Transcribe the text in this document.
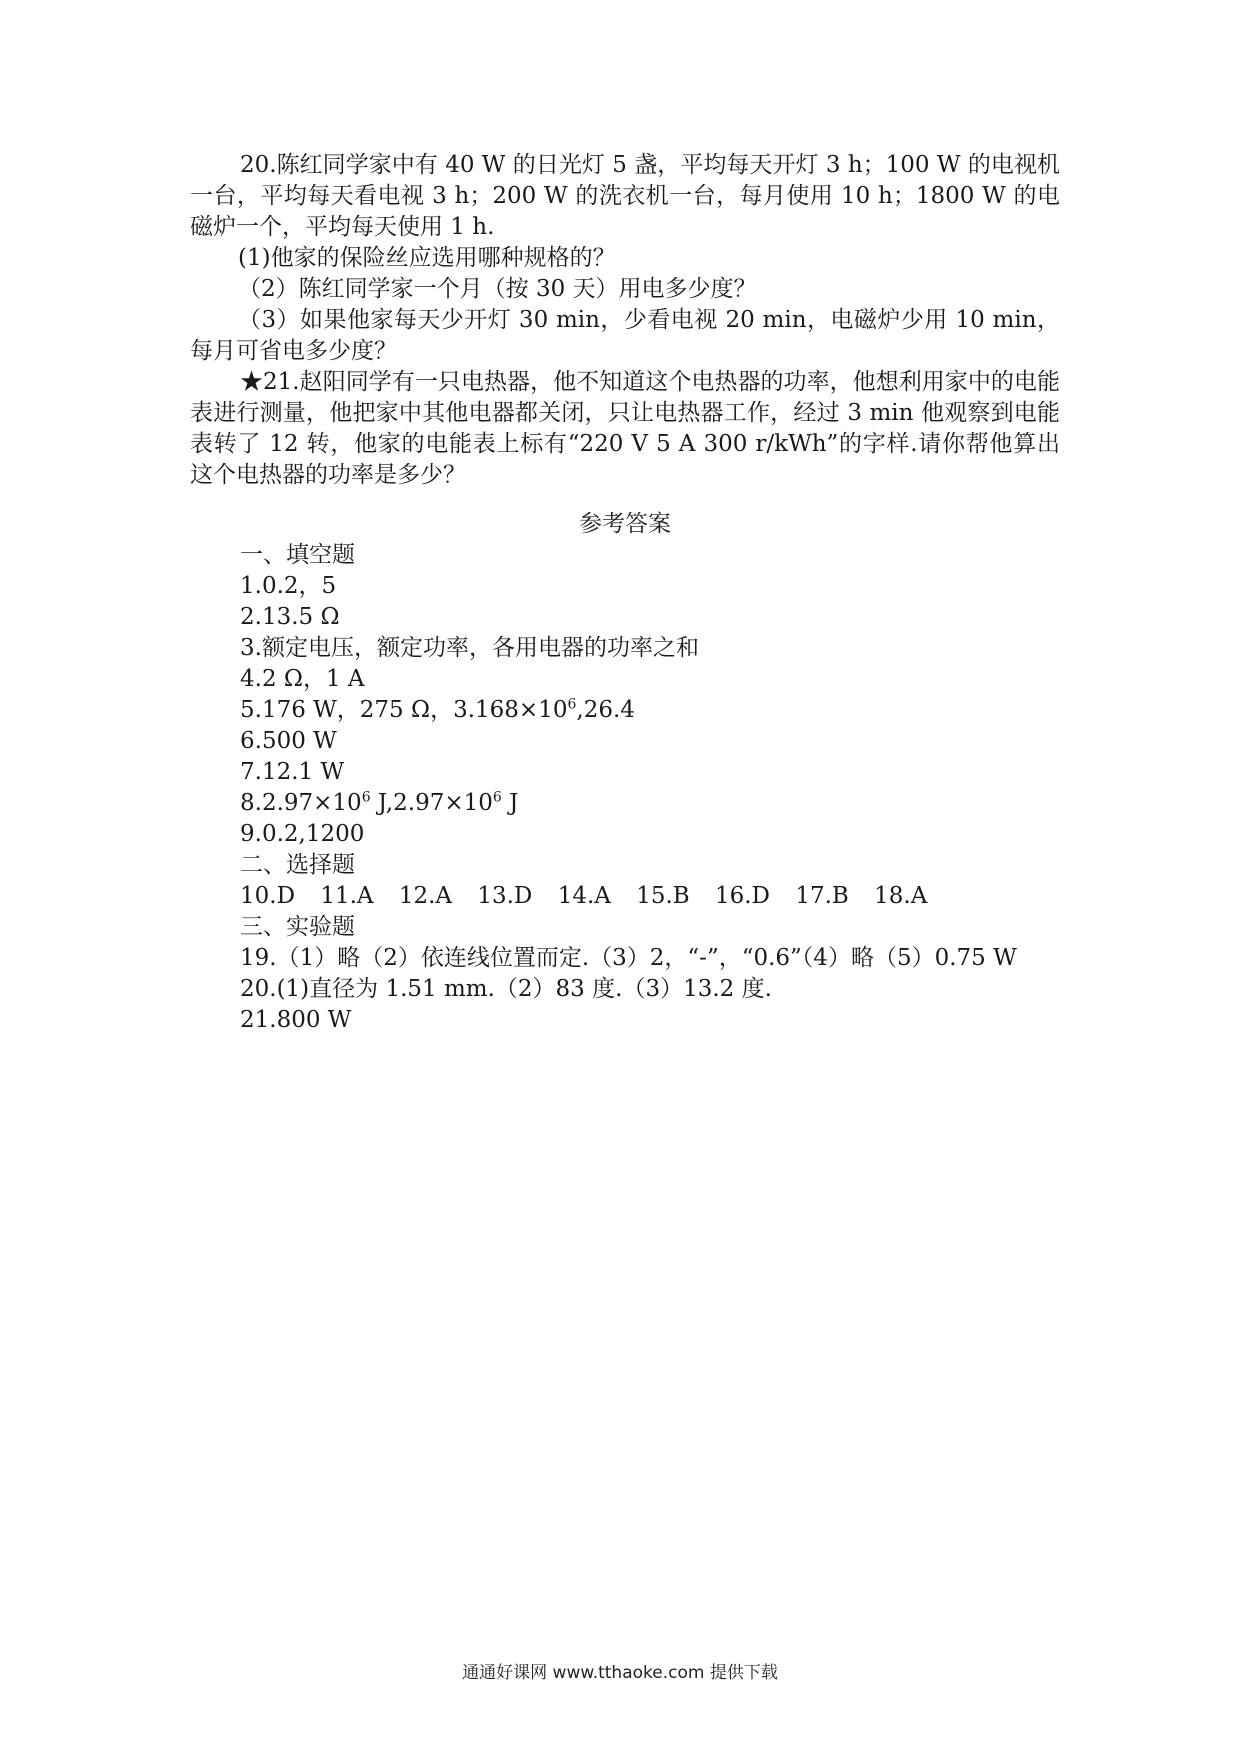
20.陈红同学家中有 40 W 的日光灯 5 盏，平均每天开灯 3 h；100 W 的电视机一台，平均每天看电视 3 h；200 W 的洗衣机一台，每月使用 10 h；1800 W 的电磁炉一个，平均每天使用 1 h.

(1)他家的保险丝应选用哪种规格的？

（2）陈红同学家一个月（按 30 天）用电多少度？

（3）如果他家每天少开灯 30 min，少看电视 20 min，电磁炉少用 10 min，每月可省电多少度？

★21.赵阳同学有一只电热器，他不知道这个电热器的功率，他想利用家中的电能表进行测量，他把家中其他电器都关闭，只让电热器工作，经过 3 min 他观察到电能表转了 12 转，他家的电能表上标有“220 V 5 A 300 r/kWh”的字样.请你帮他算出这个电热器的功率是多少？

参考答案

一、填空题

1.0.2，5

2.13.5 Ω

3.额定电压，额定功率，各用电器的功率之和

4.2 Ω，1 A

5.176 W，275 Ω，$3.168\times 10^6,26.4$

6.500 W

7.12.1 W

$8.2.97\times 10^6$ $J,2.97\times 10^6$ J

9.0.2,1200

二、选择题

10.D 11.A 12.A 13.D 14.A 15.B 16.D 17.B 18.A

三、实验题

19.（1）略（2）依连线位置而定.（3）2，“-”，“0.6”（4）略（5）0.75 W

20.(1)直径为 1.51 mm.（2）83 度.（3）13.2 度.

21.800 W

通通好课网 www.tthaoke.com 提供下载
